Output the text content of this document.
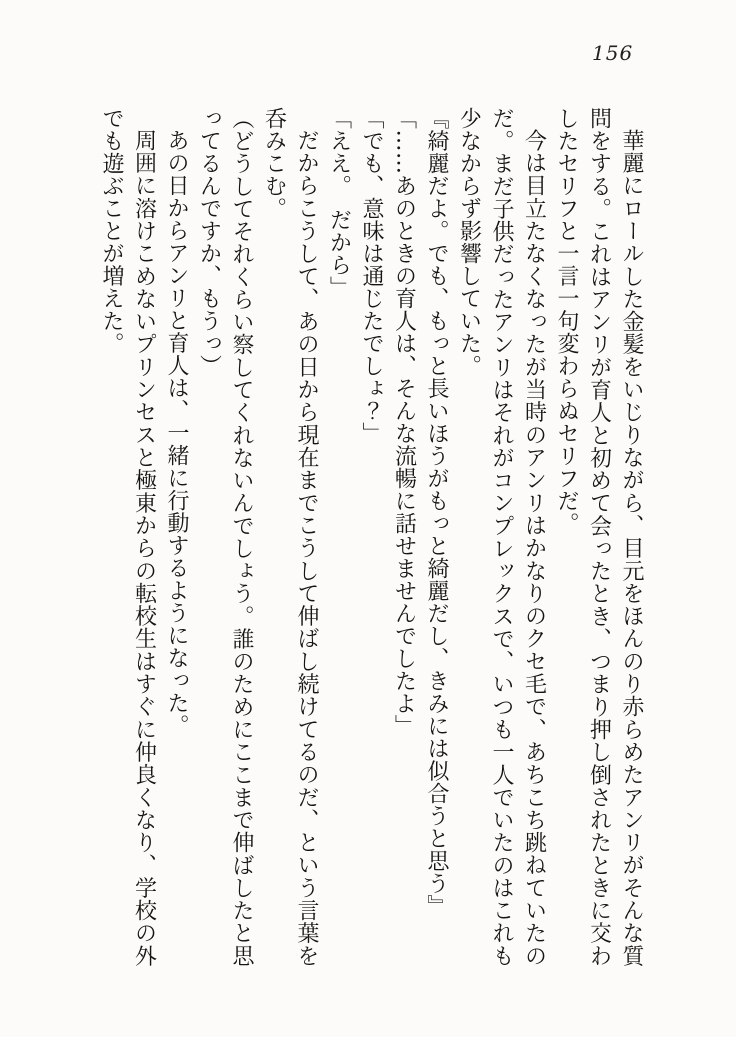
156

華麗にロールした金髪をいじりながら、目元をほんのり赤らめたアンリがそんな質問をする。これはアンリが育人と初めて会ったとき、つまり押し倒されたときに交わしたセリフと一言一句変わらぬセリフだ。

今は目立たなくなったが当時のアンリはかなりのクセ毛で、あちこち跳ねていたのだ。まだ子供だったアンリはそれがコンプレックスで、いつも一人でいたのはこれも少なからず影響していた。

『綺麗だよ。でも、もっと長いほうがもっと綺麗だし、きみには似合うと思う』

「……あのときの育人は、そんな流暢に話せませんでしたよ」

「でも、意味は通じたでしょ？」

「ええ。　だから」

だからこうして、あの日から現在までこうして伸ばし続けてるのだ、という言葉を呑みこむ。

（どうしてそれくらい察してくれないんでしょう。誰のためにここまで伸ばしたと思ってるんですか、もうっ）

あの日からアンリと育人は、一緒に行動するようになった。

周囲に溶けこめないプリンセスと極東からの転校生はすぐに仲良くなり、学校の外でも遊ぶことが増えた。
